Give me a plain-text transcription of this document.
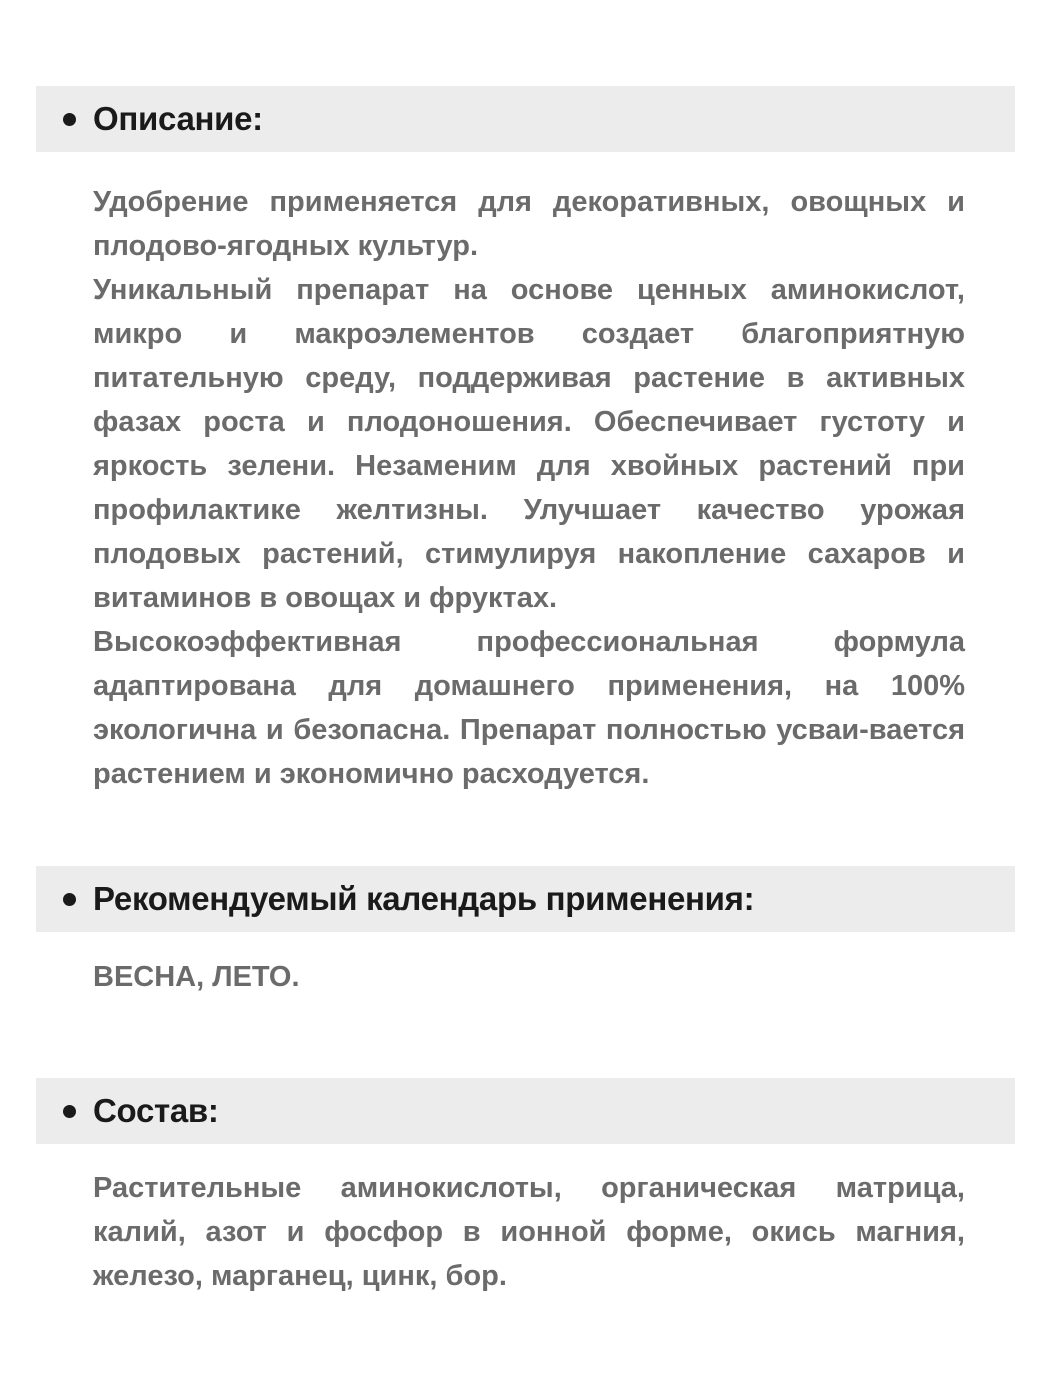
Описание:

Удобрение применяется для декоративных, овощных и плодово-ягодных культур.

Уникальный препарат на основе ценных аминокислот, микро и макроэлементов создает благоприятную питательную среду, поддерживая растение в активных фазах роста и плодоношения. Обеспечивает густоту и яркость зелени. Незаменим для хвойных растений при профилактике желтизны. Улучшает качество урожая плодовых растений, стимулируя накопление сахаров и витаминов в овощах и фруктах.

Высокоэффективная профессиональная формула адаптирована для домашнего применения, на 100% экологична и безопасна. Препарат полностью усваи-вается растением и экономично расходуется.

Рекомендуемый календарь применения:

ВЕСНА, ЛЕТО.

Состав:

Растительные аминокислоты, органическая матрица, калий, азот и фосфор в ионной форме, окись магния, железо, марганец, цинк, бор.
